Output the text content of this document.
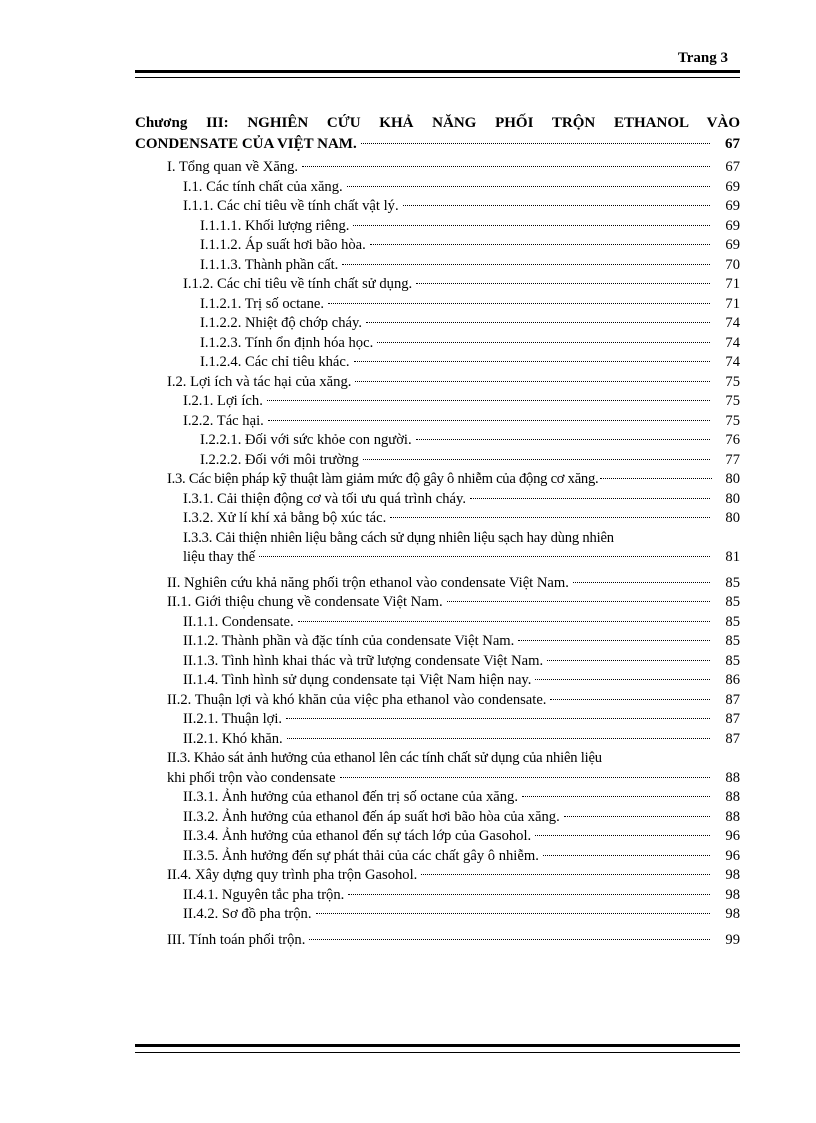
Trang 3
Chương III: NGHIÊN CỨU KHẢ NĂNG PHỐI TRỘN ETHANOL VÀO
CONDENSATE CỦA VIỆT NAM.	67
I. Tổng quan về Xăng.	67
I.1. Các tính chất của xăng.	69
I.1.1. Các chỉ tiêu về tính chất vật lý.	69
I.1.1.1. Khối lượng riêng.	69
I.1.1.2. Áp suất hơi bão hòa.	69
I.1.1.3. Thành phần cất.	70
I.1.2. Các chỉ tiêu về tính chất sử dụng.	71
I.1.2.1. Trị số octane.	71
I.1.2.2. Nhiệt độ chớp cháy.	74
I.1.2.3. Tính ổn định hóa học.	74
I.1.2.4. Các chỉ tiêu khác.	74
I.2. Lợi ích và tác hại của xăng.	75
I.2.1. Lợi ích.	75
I.2.2. Tác hại.	75
I.2.2.1. Đối với sức khỏe con người.	76
I.2.2.2. Đối với môi trường	77
I.3. Các biện pháp kỹ thuật làm giảm mức độ gây ô nhiễm của động cơ xăng.	80
I.3.1. Cải thiện động cơ và tối ưu quá trình cháy.	80
I.3.2. Xử lí khí xả bằng bộ xúc tác.	80
I.3.3. Cải thiện nhiên liệu bằng cách sử dụng nhiên liệu sạch hay dùng nhiên
liệu thay thế	81
II. Nghiên cứu khả năng phối trộn ethanol vào condensate Việt Nam.	85
II.1. Giới thiệu chung về condensate Việt Nam.	85
II.1.1. Condensate.	85
II.1.2. Thành phần và đặc tính của condensate Việt Nam.	85
II.1.3. Tình hình khai thác và trữ lượng condensate Việt Nam.	85
II.1.4. Tình hình sử dụng condensate tại Việt Nam hiện nay.	86
II.2. Thuận lợi và khó khăn của việc pha ethanol vào condensate.	87
II.2.1. Thuận lợi.	87
II.2.1. Khó khăn.	87
II.3. Khảo sát ảnh hưởng của ethanol lên các tính chất sử dụng của nhiên liệu
khi phối trộn vào condensate	88
II.3.1. Ảnh hưởng của ethanol đến trị số octane của xăng.	88
II.3.2. Ảnh hưởng của ethanol đến áp suất hơi bão hòa của xăng.	88
II.3.4. Ảnh hưởng của ethanol đến sự tách lớp của Gasohol.	96
II.3.5. Ảnh hưởng đến sự phát thải của các chất gây ô nhiễm.	96
II.4. Xây dựng quy trình pha trộn Gasohol.	98
II.4.1. Nguyên tắc pha trộn.	98
II.4.2. Sơ đồ pha trộn.	98
III. Tính toán phối trộn.	99
